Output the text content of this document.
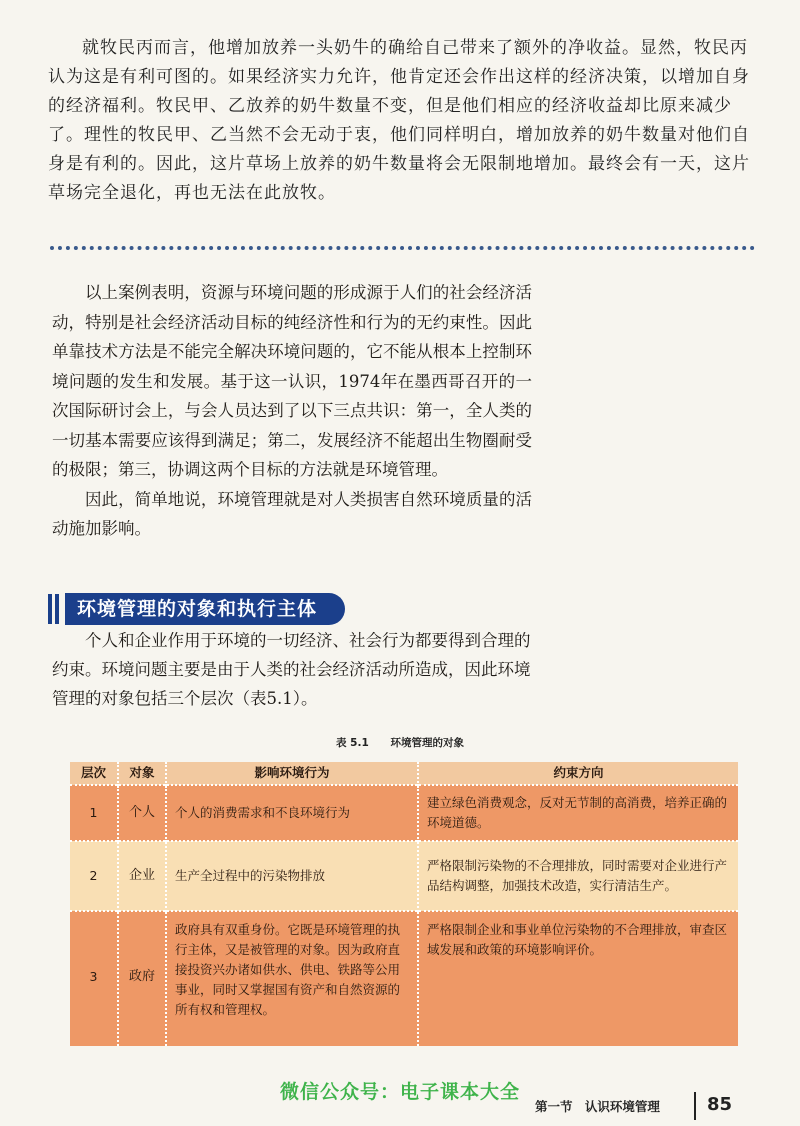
就牧民丙而言，他增加放养一头奶牛的确给自己带来了额外的净收益。显然，牧民丙认为这是有利可图的。如果经济实力允许，他肯定还会作出这样的经济决策，以增加自身的经济福利。牧民甲、乙放养的奶牛数量不变，但是他们相应的经济收益却比原来减少了。理性的牧民甲、乙当然不会无动于衷，他们同样明白，增加放养的奶牛数量对他们自身是有利的。因此，这片草场上放养的奶牛数量将会无限制地增加。最终会有一天，这片草场完全退化，再也无法在此放牧。

以上案例表明，资源与环境问题的形成源于人们的社会经济活动，特别是社会经济活动目标的纯经济性和行为的无约束性。因此单靠技术方法是不能完全解决环境问题的，它不能从根本上控制环境问题的发生和发展。基于这一认识，1974年在墨西哥召开的一次国际研讨会上，与会人员达到了以下三点共识：第一，全人类的一切基本需要应该得到满足；第二，发展经济不能超出生物圈耐受的极限；第三，协调这两个目标的方法就是环境管理。

因此，简单地说，环境管理就是对人类损害自然环境质量的活动施加影响。

环境管理的对象和执行主体

个人和企业作用于环境的一切经济、社会行为都要得到合理的约束。环境问题主要是由于人类的社会经济活动所造成，因此环境管理的对象包括三个层次（表5.1）。

表 5.1 环境管理的对象
层次	对象	影响环境行为	约束方向
1	个人	个人的消费需求和不良环境行为	建立绿色消费观念，反对无节制的高消费，培养正确的环境道德。
2	企业	生产全过程中的污染物排放	严格限制污染物的不合理排放，同时需要对企业进行产品结构调整，加强技术改造，实行清洁生产。
3	政府	政府具有双重身份。它既是环境管理的执行主体，又是被管理的对象。因为政府直接投资兴办诸如供水、供电、铁路等公用事业，同时又掌握国有资产和自然资源的所有权和管理权。	严格限制企业和事业单位污染物的不合理排放，审查区域发展和政策的环境影响评价。
微信公众号：电子课本大全
第一节 认识环境管理	85
